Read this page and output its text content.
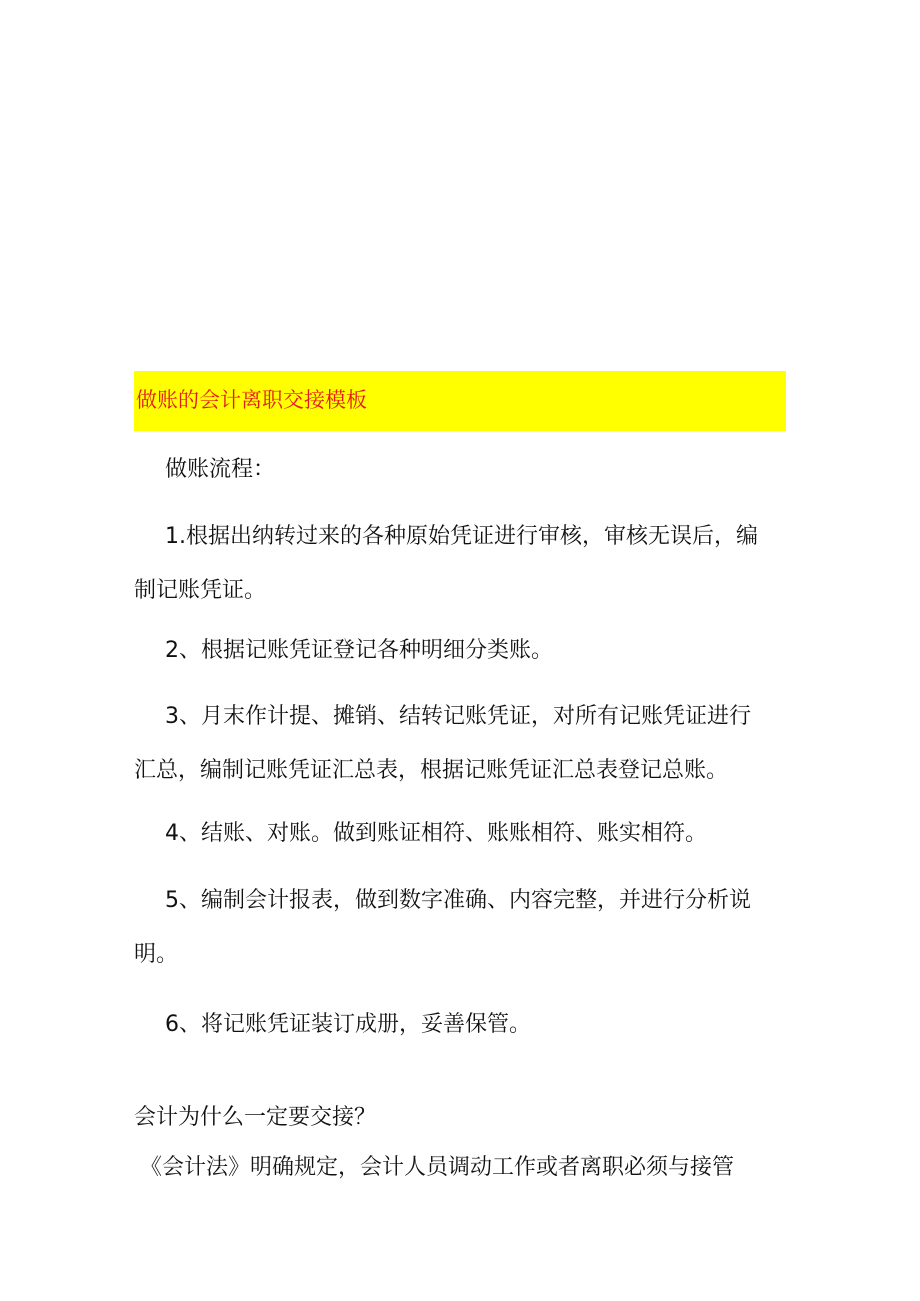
做账的会计离职交接模板

做账流程：

1.根据出纳转过来的各种原始凭证进行审核，审核无误后，编
制记账凭证。

2、根据记账凭证登记各种明细分类账。

3、月末作计提、摊销、结转记账凭证，对所有记账凭证进行
汇总，编制记账凭证汇总表，根据记账凭证汇总表登记总账。

4、结账、对账。做到账证相符、账账相符、账实相符。

5、编制会计报表，做到数字准确、内容完整，并进行分析说
明。

6、将记账凭证装订成册，妥善保管。

会计为什么一定要交接？

《会计法》明确规定，会计人员调动工作或者离职必须与接管
